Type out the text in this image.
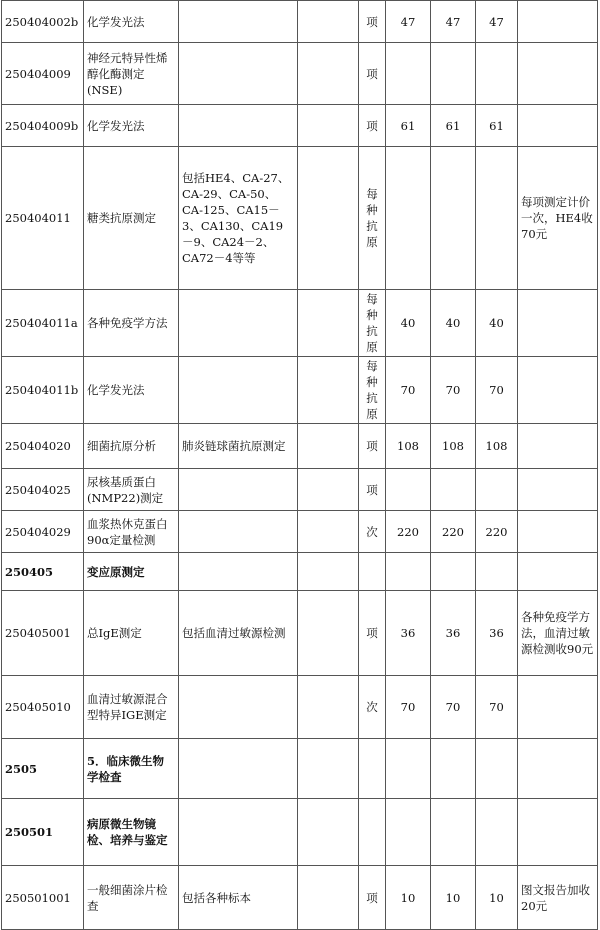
250404002b	化学发光法			项	47	47	47	
250404009	神经元特异性烯醇化酶测定(NSE)			项				
250404009b	化学发光法			项	61	61	61	
250404011	糖类抗原测定	包括HE4、CA-27、CA-29、CA-50、CA-125、CA15－3、CA130、CA19－9、CA24－2、CA72－4等等		每种抗原				每项测定计价一次，HE4收70元
250404011a	各种免疫学方法			每种抗原	40	40	40	
250404011b	化学发光法			每种抗原	70	70	70	
250404020	细菌抗原分析	肺炎链球菌抗原测定		项	108	108	108	
250404025	尿核基质蛋白(NMP22)测定			项				
250404029	血浆热休克蛋白90α定量检测			次	220	220	220	
250405	变应原测定							
250405001	总IgE测定	包括血清过敏源检测		项	36	36	36	各种免疫学方法，血清过敏源检测收90元
250405010	血清过敏源混合型特异IGE测定			次	70	70	70	
2505	5．临床微生物学检查							
250501	病原微生物镜检、培养与鉴定							
250501001	一般细菌涂片检查	包括各种标本		项	10	10	10	图文报告加收20元
